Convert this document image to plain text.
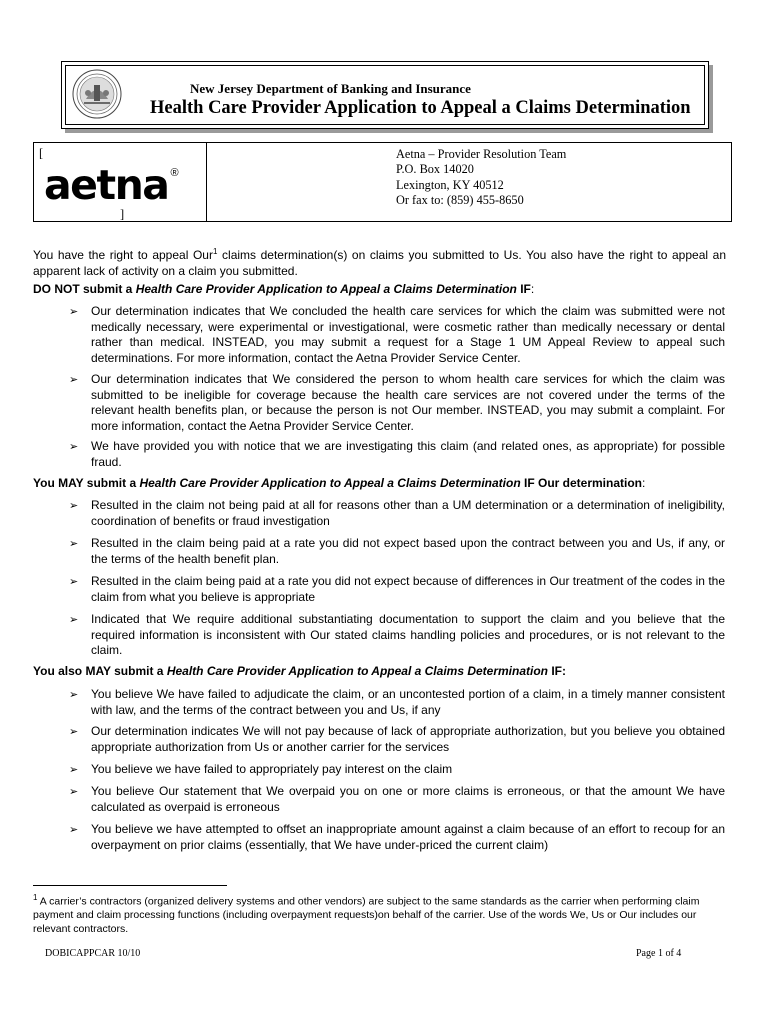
New Jersey Department of Banking and Insurance
Health Care Provider Application to Appeal a Claims Determination
[
aetna ®
]
Aetna – Provider Resolution Team
P.O. Box 14020
Lexington, KY 40512
Or fax to: (859) 455-8650
You have the right to appeal Our$^1$ claims determination(s) on claims you submitted to Us. You also have the right to appeal an apparent lack of activity on a claim you submitted.
DO NOT submit a Health Care Provider Application to Appeal a Claims Determination IF:
➢ Our determination indicates that We concluded the health care services for which the claim was submitted were not medically necessary, were experimental or investigational, were cosmetic rather than medically necessary or dental rather than medical. INSTEAD, you may submit a request for a Stage 1 UM Appeal Review to appeal such determinations. For more information, contact the Aetna Provider Service Center.
➢ Our determination indicates that We considered the person to whom health care services for which the claim was submitted to be ineligible for coverage because the health care services are not covered under the terms of the relevant health benefits plan, or because the person is not Our member. INSTEAD, you may submit a complaint. For more information, contact the Aetna Provider Service Center.
➢ We have provided you with notice that we are investigating this claim (and related ones, as appropriate) for possible fraud.
You MAY submit a Health Care Provider Application to Appeal a Claims Determination IF Our determination:
➢ Resulted in the claim not being paid at all for reasons other than a UM determination or a determination of ineligibility, coordination of benefits or fraud investigation
➢ Resulted in the claim being paid at a rate you did not expect based upon the contract between you and Us, if any, or the terms of the health benefit plan.
➢ Resulted in the claim being paid at a rate you did not expect because of differences in Our treatment of the codes in the claim from what you believe is appropriate
➢ Indicated that We require additional substantiating documentation to support the claim and you believe that the required information is inconsistent with Our stated claims handling policies and procedures, or is not relevant to the claim.
You also MAY submit a Health Care Provider Application to Appeal a Claims Determination IF:
➢ You believe We have failed to adjudicate the claim, or an uncontested portion of a claim, in a timely manner consistent with law, and the terms of the contract between you and Us, if any
➢ Our determination indicates We will not pay because of lack of appropriate authorization, but you believe you obtained appropriate authorization from Us or another carrier for the services
➢ You believe we have failed to appropriately pay interest on the claim
➢ You believe Our statement that We overpaid you on one or more claims is erroneous, or that the amount We have calculated as overpaid is erroneous
➢ You believe we have attempted to offset an inappropriate amount against a claim because of an effort to recoup for an overpayment on prior claims (essentially, that We have under-priced the current claim)
$^1$ A carrier’s contractors (organized delivery systems and other vendors) are subject to the same standards as the carrier when performing claim payment and claim processing functions (including overpayment requests)on behalf of the carrier. Use of the words We, Us or Our includes our relevant contractors.
DOBICAPPCAR 10/10	Page 1 of 4
